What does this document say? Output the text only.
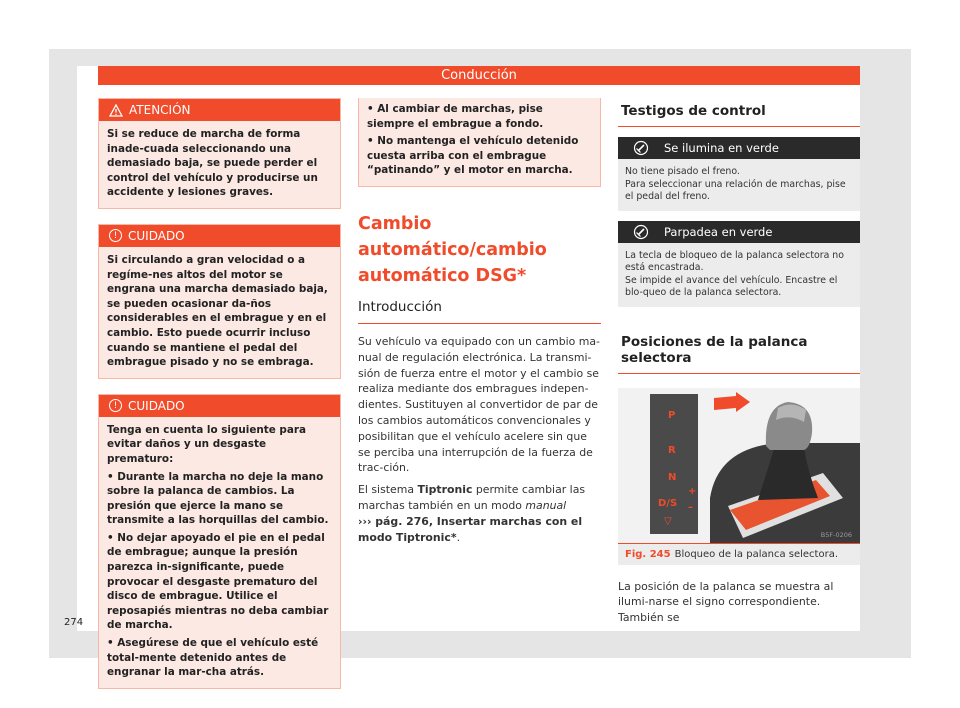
Conducción
ATENCIÓN

Si se reduce de marcha de forma inade-cuada seleccionando una demasiado baja, se puede perder el control del vehículo y producirse un accidente y lesiones graves.

! CUIDADO

Si circulando a gran velocidad o a regíme-nes altos del motor se engrana una marcha demasiado baja, se pueden ocasionar da-ños considerables en el embrague y en el cambio. Esto puede ocurrir incluso cuando se mantiene el pedal del embrague pisado y no se embraga.

! CUIDADO

Tenga en cuenta lo siguiente para evitar daños y un desgaste prematuro:

• Durante la marcha no deje la mano sobre la palanca de cambios. La presión que ejerce la mano se transmite a las horquillas del cambio.

• No dejar apoyado el pie en el pedal de embrague; aunque la presión parezca in-significante, puede provocar el desgaste prematuro del disco de embrague. Utilice el reposapiés mientras no deba cambiar de marcha.

• Asegúrese de que el vehículo esté total-mente detenido antes de engranar la mar-cha atrás.

• Al cambiar de marchas, pise siempre el embrague a fondo.

• No mantenga el vehículo detenido cuesta arriba con el embrague “patinando” y el motor en marcha.

Cambio automático/cambio automático DSG*
Introducción

Su vehículo va equipado con un cambio ma-nual de regulación electrónica. La transmi-sión de fuerza entre el motor y el cambio se realiza mediante dos embragues indepen-dientes. Sustituyen al convertidor de par de los cambios automáticos convencionales y posibilitan que el vehículo acelere sin que se perciba una interrupción de la fuerza de trac-ción.

El sistema Tiptronic permite cambiar las marchas también en un modo manual
››› pág. 276, Insertar marchas con el modo Tiptronic*.

Testigos de control
Se ilumina en verde

No tiene pisado el freno.

Para seleccionar una relación de marchas, pise el pedal del freno.

Parpadea en verde

La tecla de bloqueo de la palanca selectora no está encastrada.

Se impide el avance del vehículo. Encastre el blo-queo de la palanca selectora.

Posiciones de la palanca selectora
P
R
N
D/S
▽
+
–
B5F-0206
Fig. 245 Bloqueo de la palanca selectora.

La posición de la palanca se muestra al ilumi-narse el signo correspondiente. También se

274
